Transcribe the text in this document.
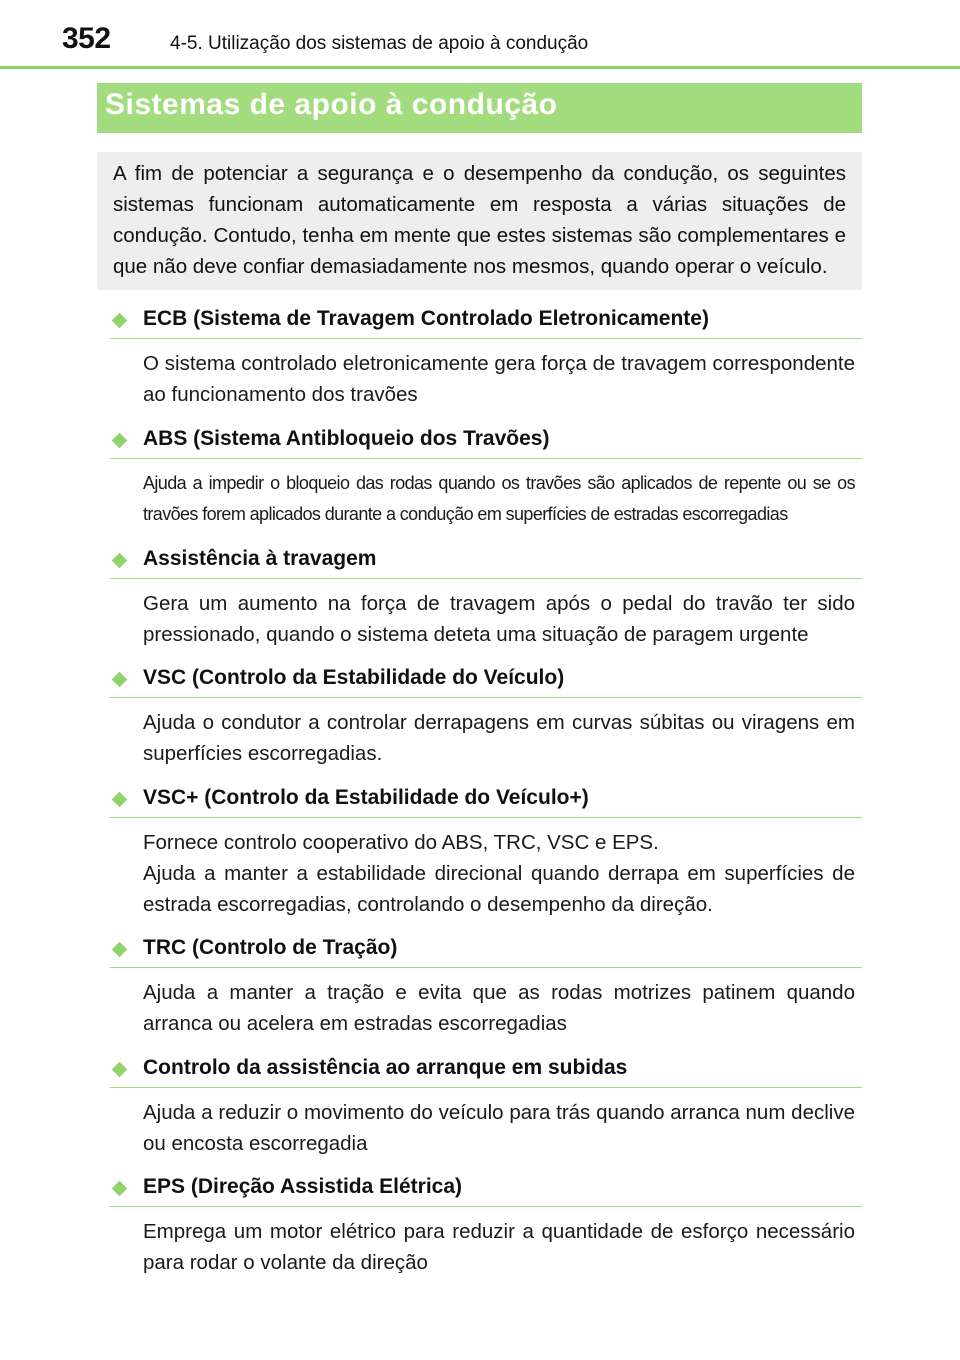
352	4-5. Utilização dos sistemas de apoio à condução
Sistemas de apoio à condução
A fim de potenciar a segurança e o desempenho da condução, os seguintes sistemas funcionam automaticamente em resposta a várias situações de condução. Contudo, tenha em mente que estes sistemas são complementares e que não deve confiar demasiadamente nos mesmos, quando operar o veículo.
ECB (Sistema de Travagem Controlado Eletronicamente)
O sistema controlado eletronicamente gera força de travagem correspondente ao funcionamento dos travões
ABS (Sistema Antibloqueio dos Travões)
Ajuda a impedir o bloqueio das rodas quando os travões são aplicados de repente ou se os travões forem aplicados durante a condução em superfícies de estradas escorregadias
Assistência à travagem
Gera um aumento na força de travagem após o pedal do travão ter sido pressionado, quando o sistema deteta uma situação de paragem urgente
VSC (Controlo da Estabilidade do Veículo)
Ajuda o condutor a controlar derrapagens em curvas súbitas ou viragens em superfícies escorregadias.
VSC+ (Controlo da Estabilidade do Veículo+)
Fornece controlo cooperativo do ABS, TRC, VSC e EPS.
Ajuda a manter a estabilidade direcional quando derrapa em superfícies de estrada escorregadias, controlando o desempenho da direção.
TRC (Controlo de Tração)
Ajuda a manter a tração e evita que as rodas motrizes patinem quando arranca ou acelera em estradas escorregadias
Controlo da assistência ao arranque em subidas
Ajuda a reduzir o movimento do veículo para trás quando arranca num declive ou encosta escorregadia
EPS (Direção Assistida Elétrica)
Emprega um motor elétrico para reduzir a quantidade de esforço necessário para rodar o volante da direção
